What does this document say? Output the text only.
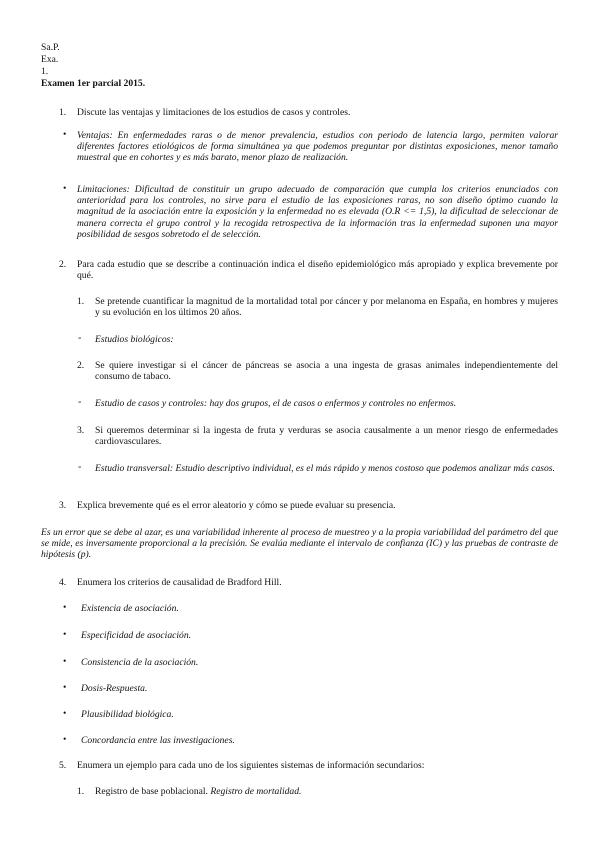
Sa.P.

Exa.

1.

Examen 1er parcial 2015.

1. Discute las ventajas y limitaciones de los estudios de casos y controles.

• Ventajas: En enfermedades raras o de menor prevalencia, estudios con periodo de latencia largo, permiten valorar diferentes factores etiológicos de forma simultánea ya que podemos preguntar por distintas exposiciones, menor tamaño muestral que en cohortes y es más barato, menor plazo de realización.

• Limitaciones: Dificultad de constituir un grupo adecuado de comparación que cumpla los criterios enunciados con anterioridad para los controles, no sirve para el estudio de las exposiciones raras, no son diseño óptimo cuando la magnitud de la asociación entre la exposición y la enfermedad no es elevada (O.R <= 1,5), la dificultad de seleccionar de manera correcta el grupo control y la recogida retrospectiva de la información tras la enfermedad suponen una mayor posibilidad de sesgos sobretodo el de selección.

2. Para cada estudio que se describe a continuación indica el diseño epidemiológico más apropiado y explica brevemente por qué.

1. Se pretende cuantificar la magnitud de la mortalidad total por cáncer y por melanoma en España, en hombres y mujeres y su evolución en los últimos 20 años.

◦ Estudios biológicos:

2. Se quiere investigar si el cáncer de páncreas se asocia a una ingesta de grasas animales independientemente del consumo de tabaco.

◦ Estudio de casos y controles: hay dos grupos, el de casos o enfermos y controles no enfermos.

3. Si queremos determinar si la ingesta de fruta y verduras se asocia causalmente a un menor riesgo de enfermedades cardiovasculares.

◦ Estudio transversal: Estudio descriptivo individual, es el más rápido y menos costoso que podemos analizar más casos.

3. Explica brevemente qué es el error aleatorio y cómo se puede evaluar su presencia.

Es un error que se debe al azar, es una variabilidad inherente al proceso de muestreo y a la propia variabilidad del parámetro del que se mide, es inversamente proporcional a la precisión. Se evalúa mediante el intervalo de confianza (IC) y las pruebas de contraste de hipótesis (p).

4. Enumera los criterios de causalidad de Bradford Hill.

• Existencia de asociación.

• Especificidad de asociación.

• Consistencia de la asociación.

• Dosis-Respuesta.

• Plausibilidad biológica.

• Concordancia entre las investigaciones.

5. Enumera un ejemplo para cada uno de los siguientes sistemas de información secundarios:

1. Registro de base poblacional. Registro de mortalidad.
